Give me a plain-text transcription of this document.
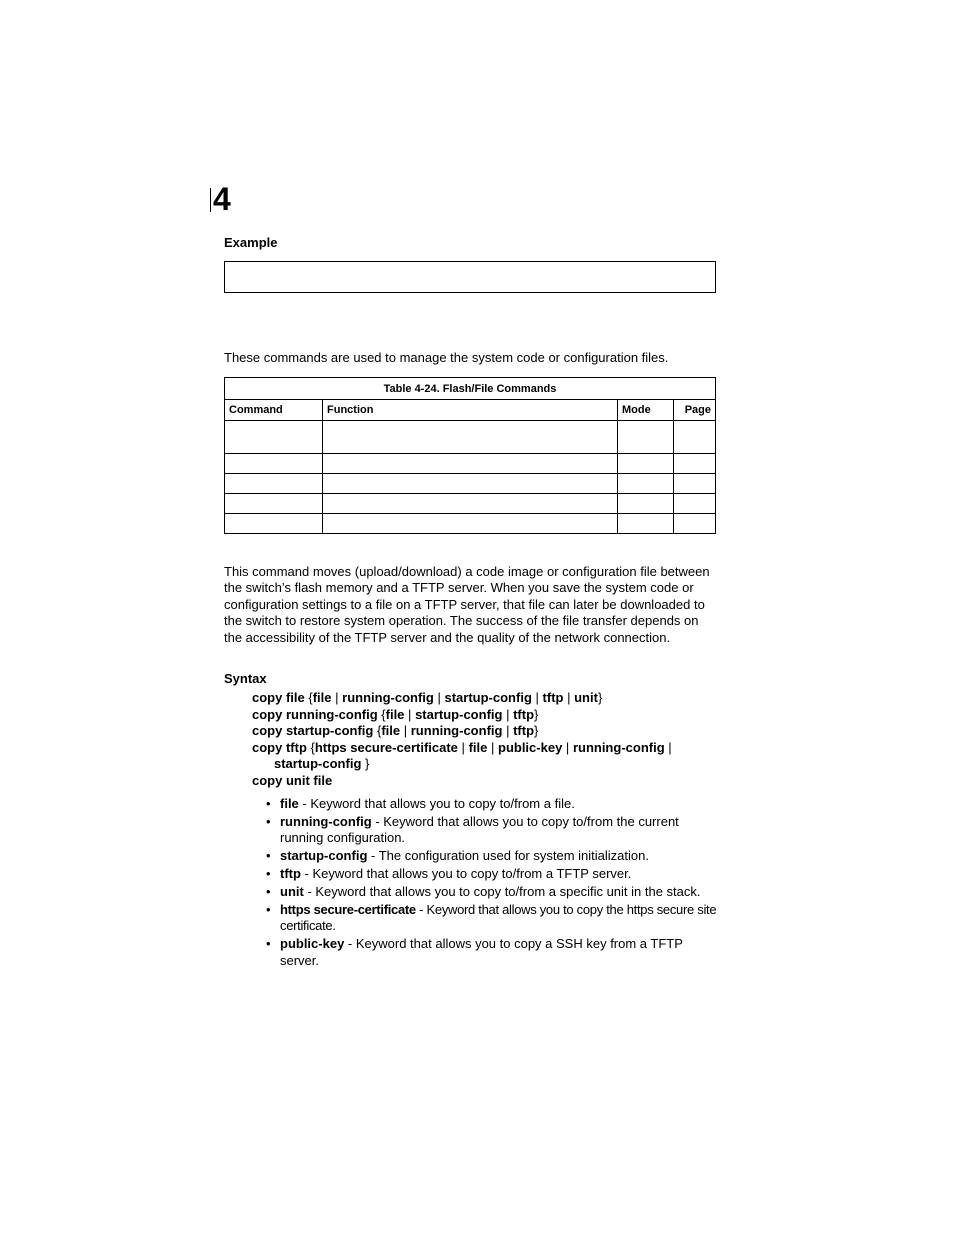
4
Example
These commands are used to manage the system code or configuration files.
Table 4-24. Flash/File Commands			
Command	Function	Mode	Page

This command moves (upload/download) a code image or configuration file between the switch’s flash memory and a TFTP server. When you save the system code or configuration settings to a file on a TFTP server, that file can later be downloaded to the switch to restore system operation. The success of the file transfer depends on the accessibility of the TFTP server and the quality of the network connection.
Syntax
copy file {file | running-config | startup-config | tftp | unit}
copy running-config {file | startup-config | tftp}
copy startup-config {file | running-config | tftp}
copy tftp {https secure-certificate | file | public-key | running-config |
startup-config }
copy unit file
• file - Keyword that allows you to copy to/from a file.
• running-config - Keyword that allows you to copy to/from the current running configuration.
• startup-config - The configuration used for system initialization.
• tftp - Keyword that allows you to copy to/from a TFTP server.
• unit - Keyword that allows you to copy to/from a specific unit in the stack.
• https secure-certificate - Keyword that allows you to copy the https secure site certificate.
• public-key - Keyword that allows you to copy a SSH key from a TFTP server.
